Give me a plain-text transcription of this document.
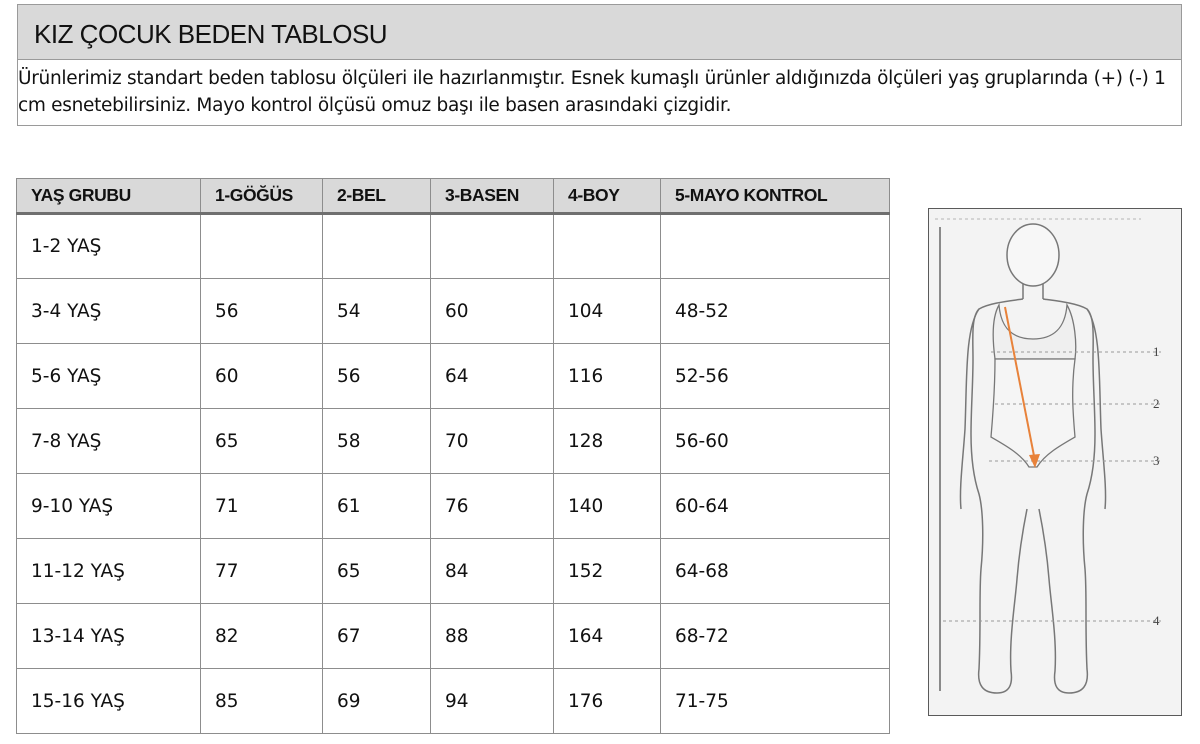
KIZ ÇOCUK BEDEN TABLOSU

Ürünlerimiz standart beden tablosu ölçüleri ile hazırlanmıştır. Esnek kumaşlı ürünler aldığınızda ölçüleri yaş gruplarında (+) (-) 1 cm esnetebilirsiniz. Mayo kontrol ölçüsü omuz başı ile basen arasındaki çizgidir.

YAŞ GRUBU	1-GÖĞÜS	2-BEL	3-BASEN	4-BOY	5-MAYO KONTROL
1-2 YAŞ					
3-4 YAŞ	56	54	60	104	48-52
5-6 YAŞ	60	56	64	116	52-56
7-8 YAŞ	65	58	70	128	56-60
9-10 YAŞ	71	61	76	140	60-64
11-12 YAŞ	77	65	84	152	64-68
13-14 YAŞ	82	67	88	164	68-72
15-16 YAŞ	85	69	94	176	71-75
1
2
3
4
